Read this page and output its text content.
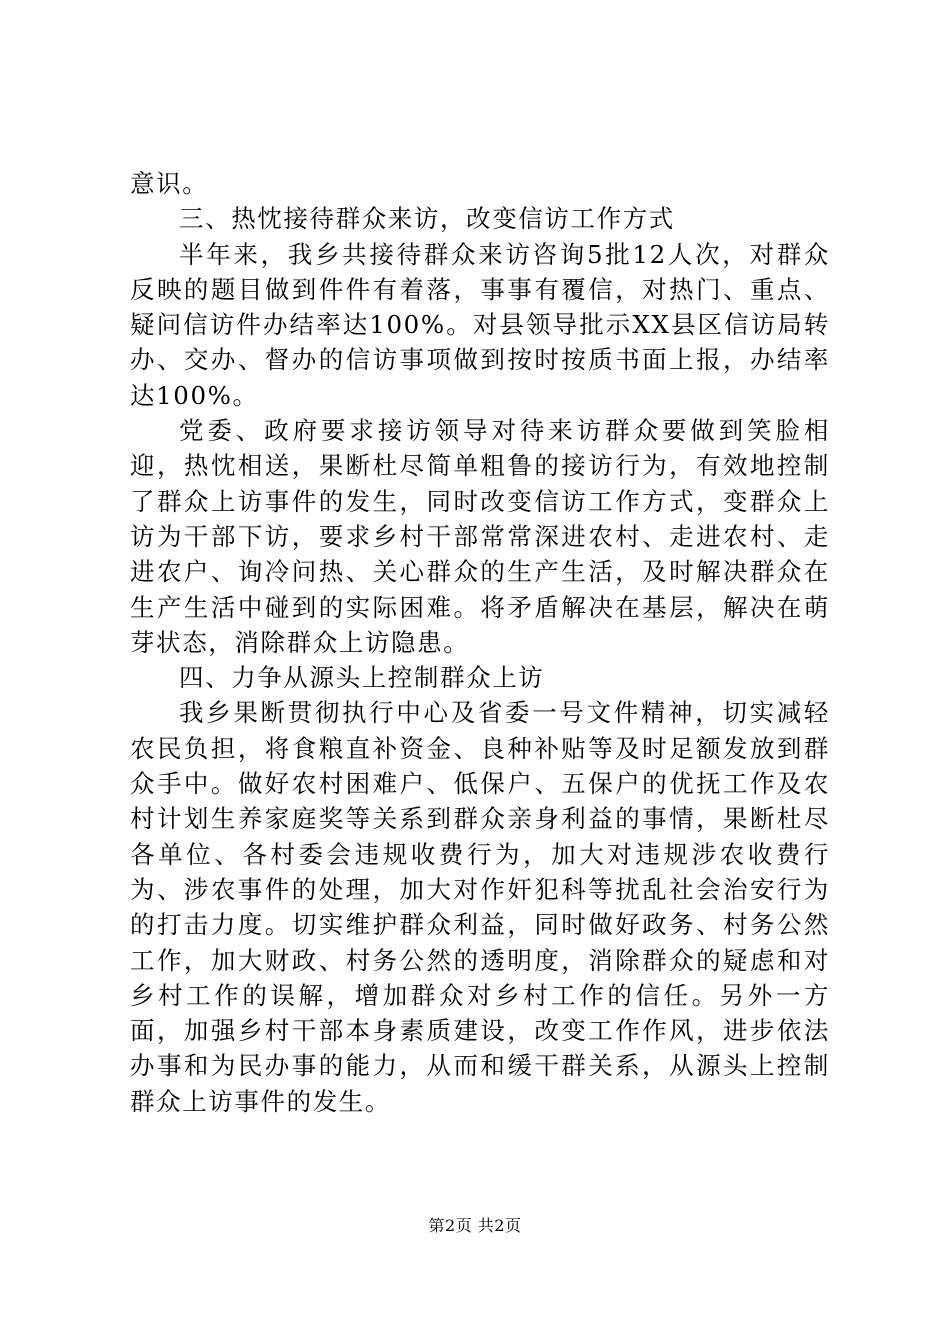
意识。

三、热忱接待群众来访，改变信访工作方式

半年来，我乡共接待群众来访咨询5批12人次，对群众反映的题目做到件件有着落，事事有覆信，对热门、重点、疑问信访件办结率达100%。对县领导批示XX县区信访局转办、交办、督办的信访事项做到按时按质书面上报，办结率达100%。

党委、政府要求接访领导对待来访群众要做到笑脸相迎，热忱相送，果断杜尽简单粗鲁的接访行为，有效地控制了群众上访事件的发生，同时改变信访工作方式，变群众上访为干部下访，要求乡村干部常常深进农村、走进农村、走进农户、询冷问热、关心群众的生产生活，及时解决群众在生产生活中碰到的实际困难。将矛盾解决在基层，解决在萌芽状态，消除群众上访隐患。

四、力争从源头上控制群众上访

我乡果断贯彻执行中心及省委一号文件精神，切实减轻农民负担，将食粮直补资金、良种补贴等及时足额发放到群众手中。做好农村困难户、低保户、五保户的优抚工作及农村计划生养家庭奖等关系到群众亲身利益的事情，果断杜尽各单位、各村委会违规收费行为，加大对违规涉农收费行为、涉农事件的处理，加大对作奸犯科等扰乱社会治安行为的打击力度。切实维护群众利益，同时做好政务、村务公然工作，加大财政、村务公然的透明度，消除群众的疑虑和对乡村工作的误解，增加群众对乡村工作的信任。另外一方面，加强乡村干部本身素质建设，改变工作作风，进步依法办事和为民办事的能力，从而和缓干群关系，从源头上控制群众上访事件的发生。

第2页 共2页
